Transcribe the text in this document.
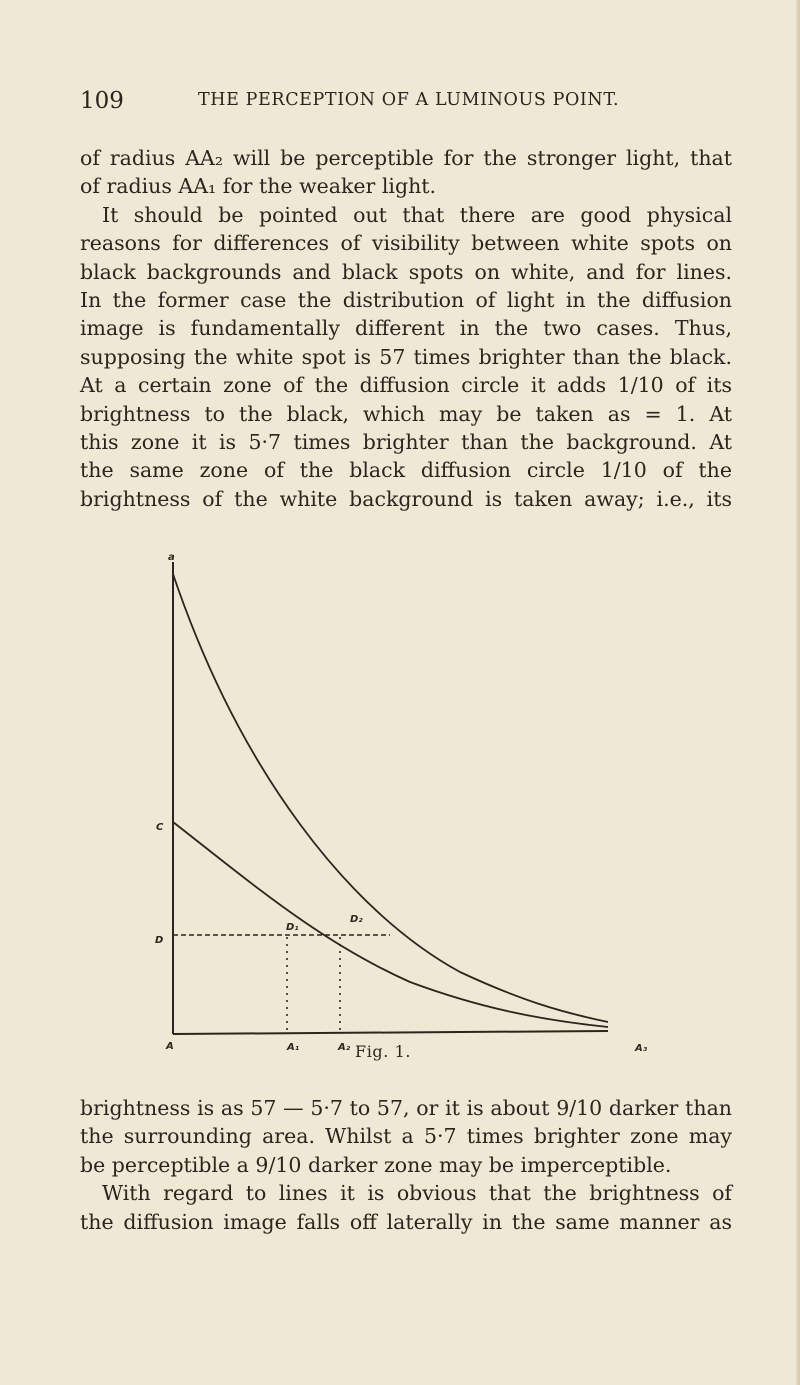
109	THE PERCEPTION OF A LUMINOUS POINT.

of radius AA₂ will be perceptible for the stronger light, that
of radius AA₁ for the weaker light.
It should be pointed out that there are good physical
reasons for differences of visibility between white spots on
black backgrounds and black spots on white, and for lines.
In the former case the distribution of light in the diffusion
image is fundamentally different in the two cases. Thus,
supposing the white spot is 57 times brighter than the black.
At a certain zone of the diffusion circle it adds 1/10 of its
brightness to the black, which may be taken as = 1. At
this zone it is 5·7 times brighter than the background. At
the same zone of the black diffusion circle 1/10 of the
brightness of the white background is taken away; i.e., its

a
C
D
D₁
D₂
A	A₁	A₂	A₃
Fig. 1.

brightness is as 57 — 5·7 to 57, or it is about 9/10 darker than
the surrounding area. Whilst a 5·7 times brighter zone may
be perceptible a 9/10 darker zone may be imperceptible.
With regard to lines it is obvious that the brightness of
the diffusion image falls off laterally in the same manner as
